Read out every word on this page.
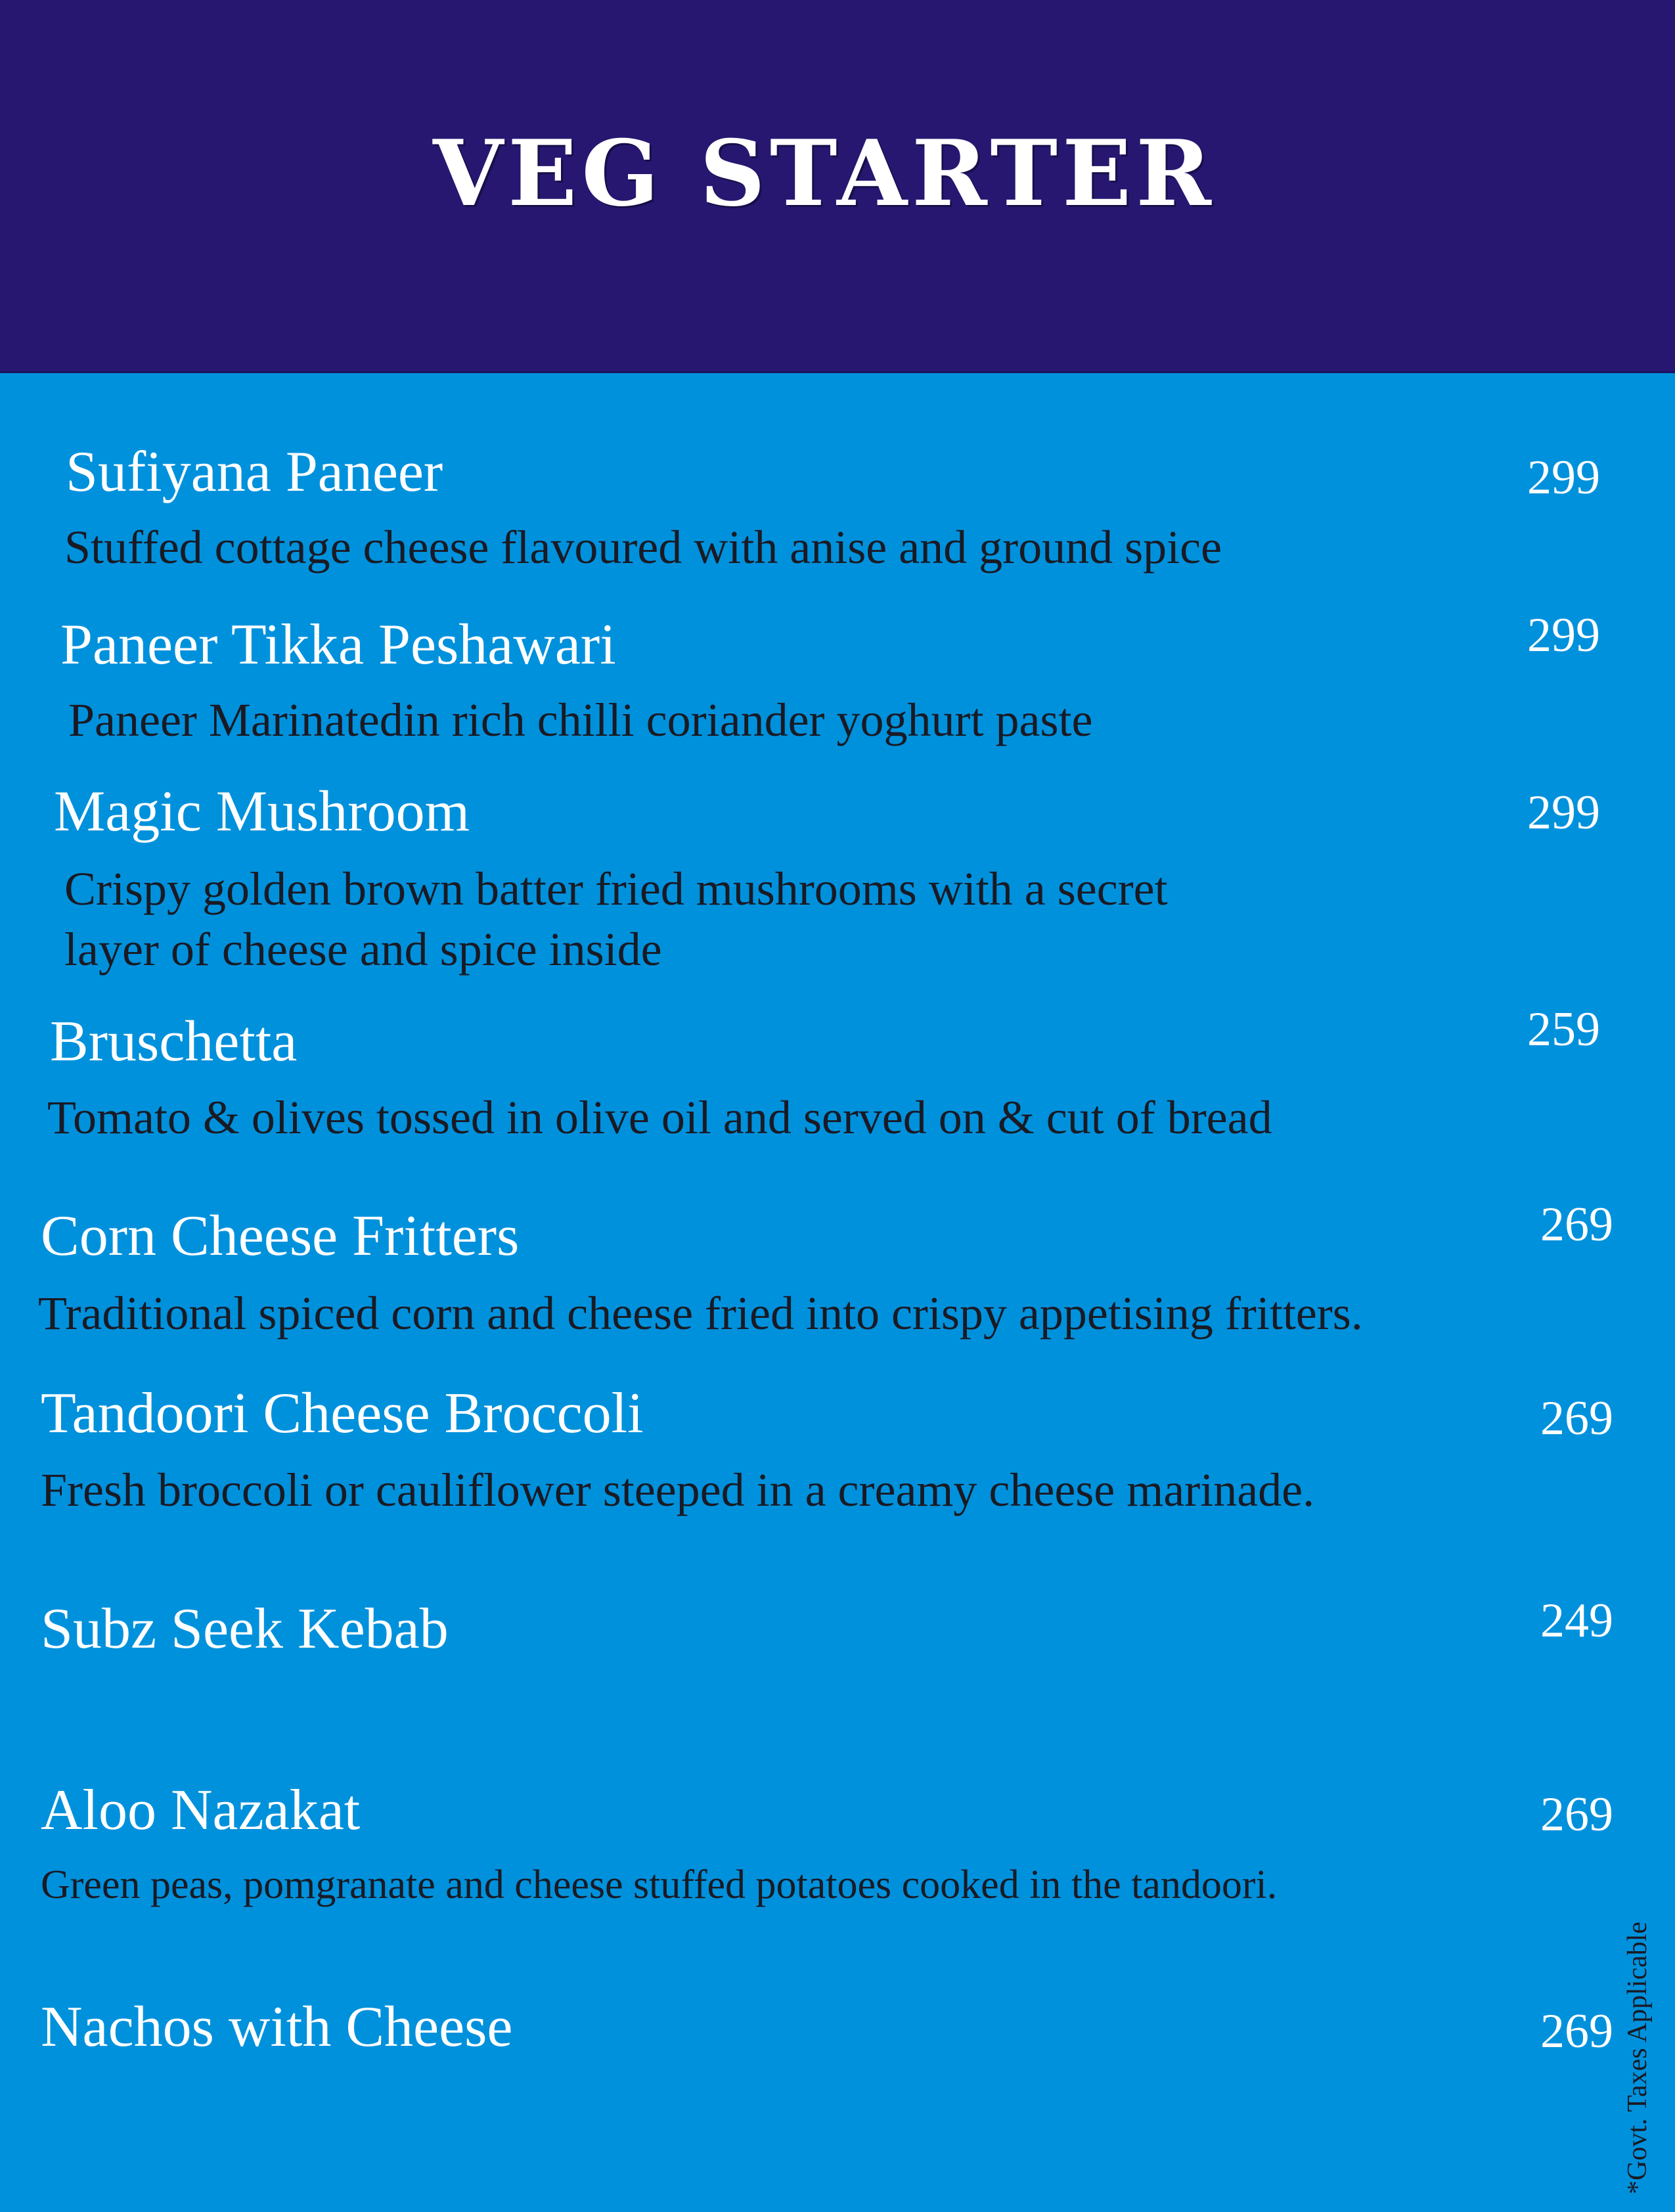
VEG STARTER
Sufiyana Paneer	299
Stuffed cottage cheese flavoured with anise and ground spice
Paneer Tikka Peshawari	299
Paneer Marinatedin rich chilli coriander yoghurt paste
Magic Mushroom	299
Crispy golden brown batter fried mushrooms with a secret
layer of cheese and spice inside
Bruschetta	259
Tomato & olives tossed in olive oil and served on & cut of bread
Corn Cheese Fritters	269
Traditional spiced corn and cheese fried into crispy appetising fritters.
Tandoori Cheese Broccoli	269
Fresh broccoli or cauliflower steeped in a creamy cheese marinade.
Subz Seek Kebab	249
Aloo Nazakat	269
Green peas, pomgranate and cheese stuffed potatoes cooked in the tandoori.
Nachos with Cheese	269 *Govt. Taxes Applicable
